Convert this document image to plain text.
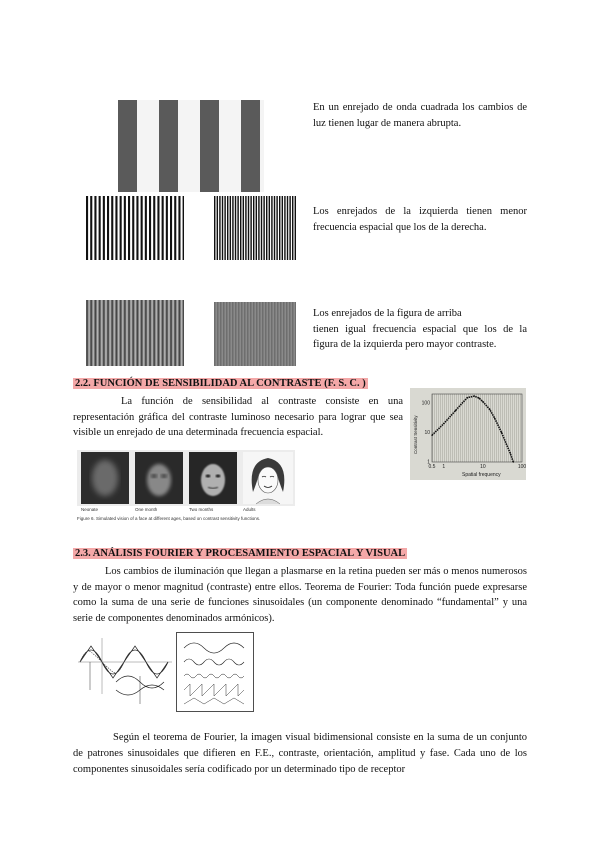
En un enrejado de onda cuadrada los cambios de luz tienen lugar de manera abrupta.
Los enrejados de la izquierda tienen menor frecuencia espacial que los de la derecha.
Los enrejados de la figura de arriba
tienen igual frecuencia espacial que los de la figura de la izquierda pero mayor contraste.
2.2. FUNCIÓN DE SENSIBILIDAD AL CONTRASTE (F. S. C. )
La función de sensibilidad al contraste consiste en una representación gráfica del contraste luminoso necesario para lograr que sea visible un enrejado de una determinada frecuencia espacial.
0.5 1	10	100
100
10
1
Spatial frequency
Contrast Sensitivity
Neonate	One month	Two months	Adults
Figure 6. Simulated vision of a face at different ages, based on contrast sensitivity functions.
2.3. ANÁLISIS FOURIER Y PROCESAMIENTO ESPACIAL Y VISUAL
Los cambios de iluminación que llegan a plasmarse en la retina pueden ser más o menos numerosos y de mayor o menor magnitud (contraste) entre ellos. Teorema de Fourier: Toda función puede expresarse como la suma de una serie de funciones sinusoidales (un componente denominado “fundamental” y una serie de componentes denominados armónicos).
Según el teorema de Fourier, la imagen visual bidimensional consiste en la suma de un conjunto de patrones sinusoidales que difieren en F.E., contraste, orientación, amplitud y fase. Cada uno de los componentes sinusoidales sería codificado por un determinado tipo de receptor
